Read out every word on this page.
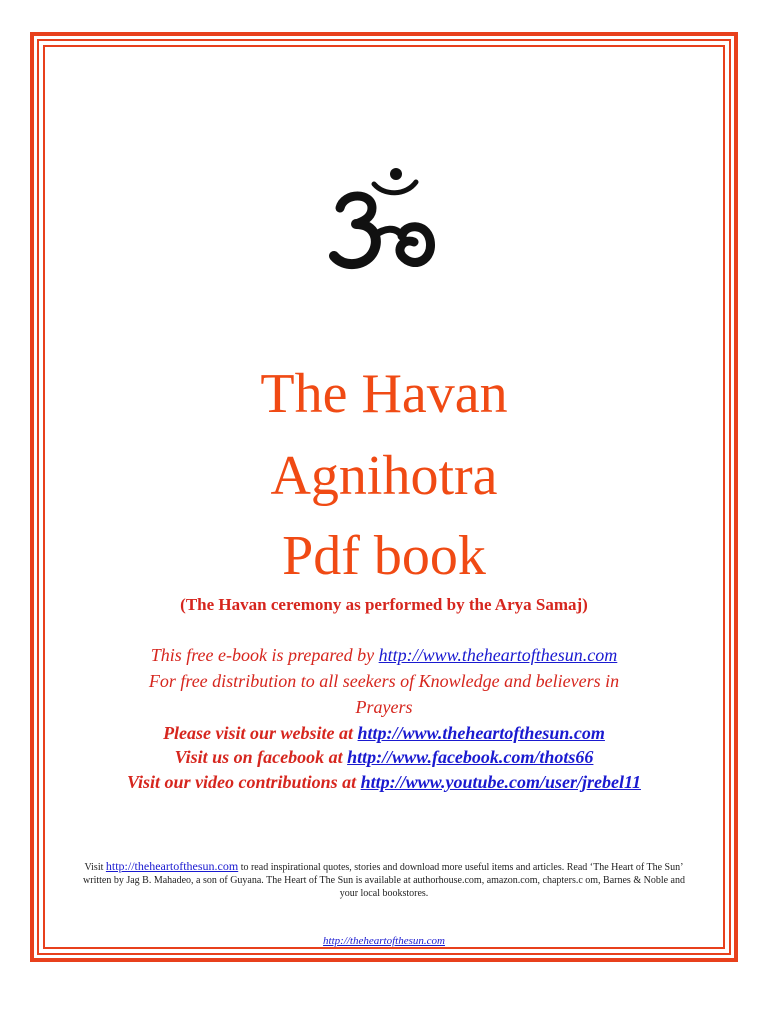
The Havan
Agnihotra
Pdf book
(The Havan ceremony as performed by the Arya Samaj)
This free e-book is prepared by http://www.theheartofthesun.com
For free distribution to all seekers of Knowledge and believers in
Prayers
Please visit our website at http://www.theheartofthesun.com
Visit us on facebook at http://www.facebook.com/thots66
Visit our video contributions at http://www.youtube.com/user/jrebel11
Visit http://theheartofthesun.com to read inspirational quotes, stories and download more useful items and articles. Read ‘The Heart of The Sun’ written by Jag B. Mahadeo, a son of Guyana. The Heart of The Sun is available at authorhouse.com, amazon.com, chapters.c om, Barnes & Noble and your local bookstores.
http://theheartofthesun.com
